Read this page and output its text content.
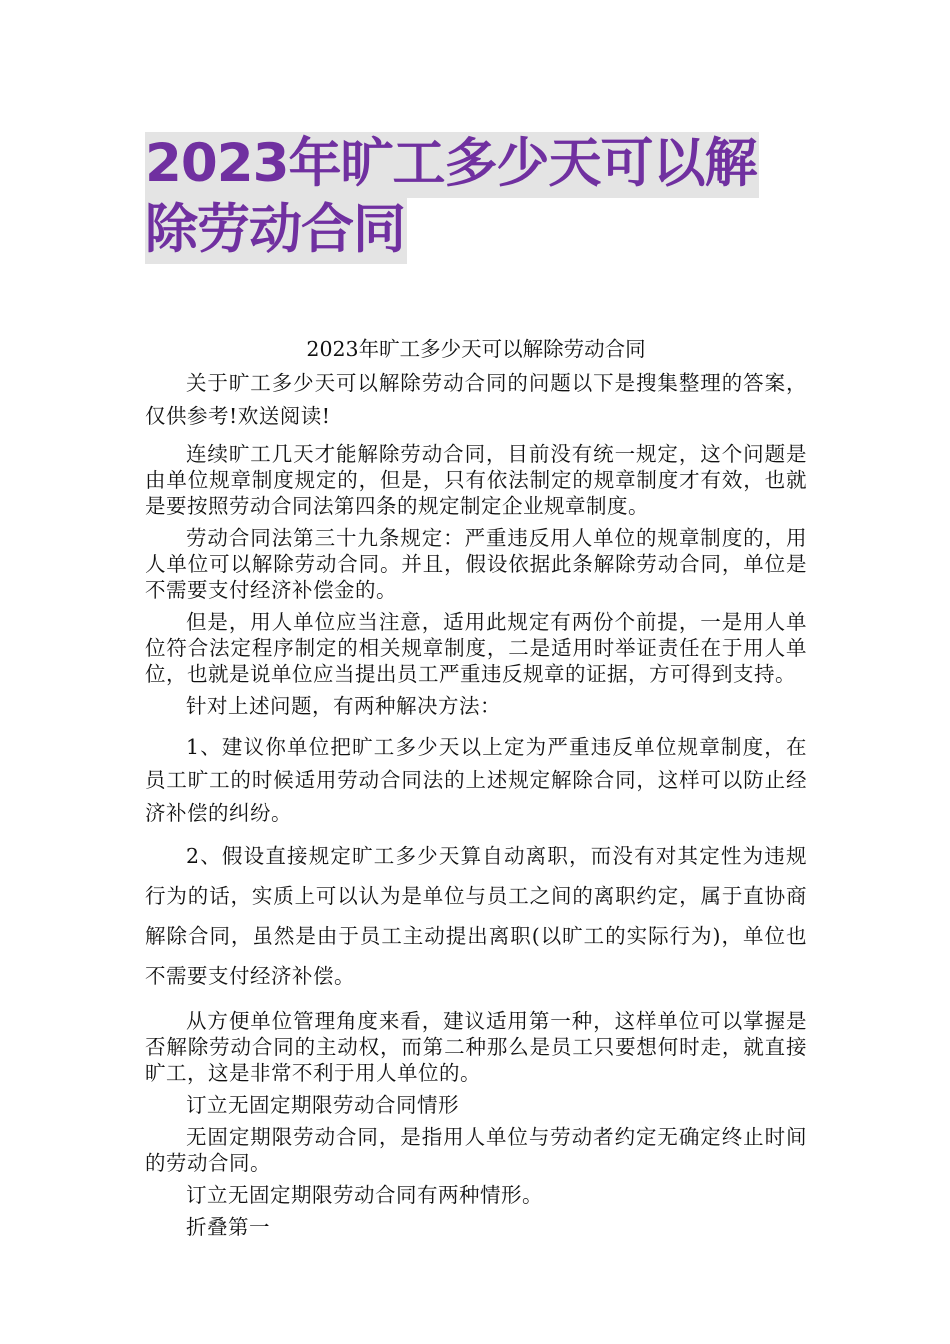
2023年旷工多少天可以解
除劳动合同
2023年旷工多少天可以解除劳动合同

关于旷工多少天可以解除劳动合同的问题以下是搜集整理的答案，仅供参考!欢送阅读!

连续旷工几天才能解除劳动合同，目前没有统一规定，这个问题是由单位规章制度规定的，但是，只有依法制定的规章制度才有效，也就是要按照劳动合同法第四条的规定制定企业规章制度。

劳动合同法第三十九条规定：严重违反用人单位的规章制度的，用人单位可以解除劳动合同。并且，假设依据此条解除劳动合同，单位是不需要支付经济补偿金的。

但是，用人单位应当注意，适用此规定有两份个前提，一是用人单位符合法定程序制定的相关规章制度，二是适用时举证责任在于用人单位，也就是说单位应当提出员工严重违反规章的证据，方可得到支持。

针对上述问题，有两种解决方法：

1、建议你单位把旷工多少天以上定为严重违反单位规章制度，在员工旷工的时候适用劳动合同法的上述规定解除合同，这样可以防止经济补偿的纠纷。

2、假设直接规定旷工多少天算自动离职，而没有对其定性为违规行为的话，实质上可以认为是单位与员工之间的离职约定，属于直协商解除合同，虽然是由于员工主动提出离职(以旷工的实际行为)，单位也不需要支付经济补偿。

从方便单位管理角度来看，建议适用第一种，这样单位可以掌握是否解除劳动合同的主动权，而第二种那么是员工只要想何时走，就直接旷工，这是非常不利于用人单位的。

订立无固定期限劳动合同情形

无固定期限劳动合同，是指用人单位与劳动者约定无确定终止时间的劳动合同。

订立无固定期限劳动合同有两种情形。

折叠第一
